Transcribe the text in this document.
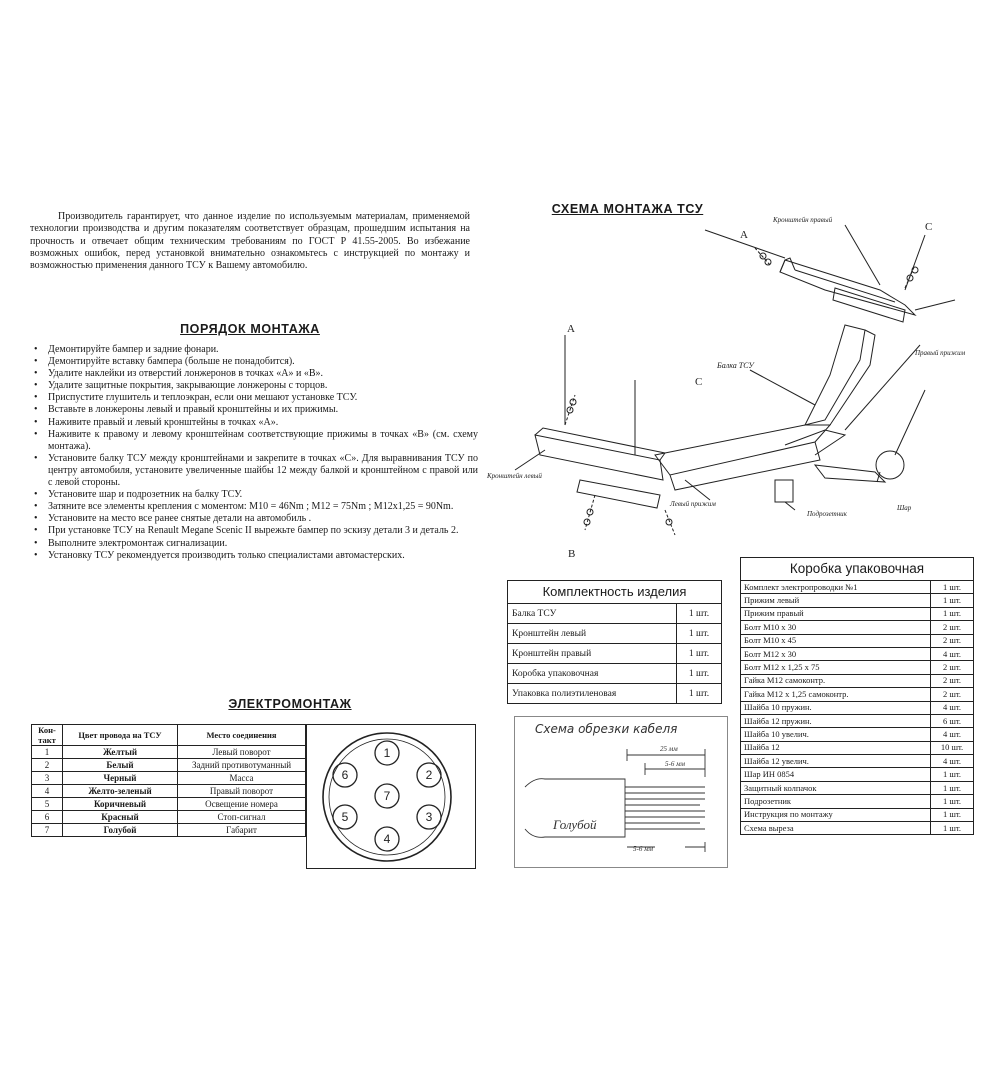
Производитель гарантирует, что данное изделие по используемым материалам, применяемой технологии производства и другим показателям соответствует образцам, прошедшим испытания на прочность и отвечает общим техническим требованиям по ГОСТ Р 41.55-2005. Во избежание возможных ошибок, перед установкой внимательно ознакомьтесь с инструкцией по монтажу и возможностью применения данного ТСУ к Вашему автомобилю.
ПОРЯДОК МОНТАЖА
• Демонтируйте бампер и задние фонари.
• Демонтируйте вставку бампера (больше не понадобится).
• Удалите наклейки из отверстий лонжеронов в точках «А» и «В».
• Удалите защитные покрытия, закрывающие лонжероны с торцов.
• Приспустите глушитель и теплоэкран, если они мешают установке ТСУ.
• Вставьте в лонжероны левый и правый кронштейны и их прижимы.
• Наживите правый и левый кронштейны в точках «А».
• Наживите к правому и левому кронштейнам соответствующие прижимы в точках «В» (см. схему монтажа).
• Установите балку ТСУ между кронштейнами и закрепите в точках «С». Для выравнивания ТСУ по центру автомобиля, установите увеличенные шайбы 12 между балкой и кронштейном с правой или с левой стороны.
• Установите шар и подрозетник на балку ТСУ.
• Затяните все элементы крепления с моментом: М10 = 46Nm ; М12 = 75Nm ; М12х1,25 = 90Nm.
• Установите на место все ранее снятые детали на автомобиль .
• При установке ТСУ на Renault Megane Scenic II вырежьте бампер по эскизу детали 3 и деталь 2.
• Выполните электромонтаж сигнализации.
• Установку ТСУ рекомендуется производить только специалистами автомастерских.
ЭЛЕКТРОМОНТАЖ
Кон-такт	Цвет провода на ТСУ	Место соединения
1	Желтый	Левый поворот
2	Белый	Задний противотуманный
3	Черный	Масса
4	Желто-зеленый	Правый поворот
5	Коричневый	Освещение номера
6	Красный	Стоп-сигнал
7	Голубой	Габарит
1
2
3
4
5
6
7
СХЕМА МОНТАЖА ТСУ
A
A
B
C
C
Балка ТСУ
Кронштейн левый
Кронштейн правый
Левый прижим
Правый прижим
Подрозетник
Шар
Комплектность изделия
Балка ТСУ	1 шт.
Кронштейн левый	1 шт.
Кронштейн правый	1 шт.
Коробка упаковочная	1 шт.
Упаковка полиэтиленовая	1 шт.
Коробка упаковочная
Комплект электропроводки №1	1 шт.
Прижим левый	1 шт.
Прижим правый	1 шт.
Болт М10 х 30	2 шт.
Болт М10 х 45	2 шт.
Болт М12 х 30	4 шт.
Болт М12 х 1,25 х 75	2 шт.
Гайка М12 самоконтр.	2 шт.
Гайка М12 х 1,25 самоконтр.	2 шт.
Шайба 10 пружин.	4 шт.
Шайба 12 пружин.	6 шт.
Шайба 10 увелич.	4 шт.
Шайба 12	10 шт.
Шайба 12 увелич.	4 шт.
Шар ИН 0854	1 шт.
Защитный колпачок	1 шт.
Подрозетник	1 шт.
Инструкция по монтажу	1 шт.
Схема выреза	1 шт.
25 мм
5-6 мм
5-6 мм
Голубой
Схема обрезки кабеля
